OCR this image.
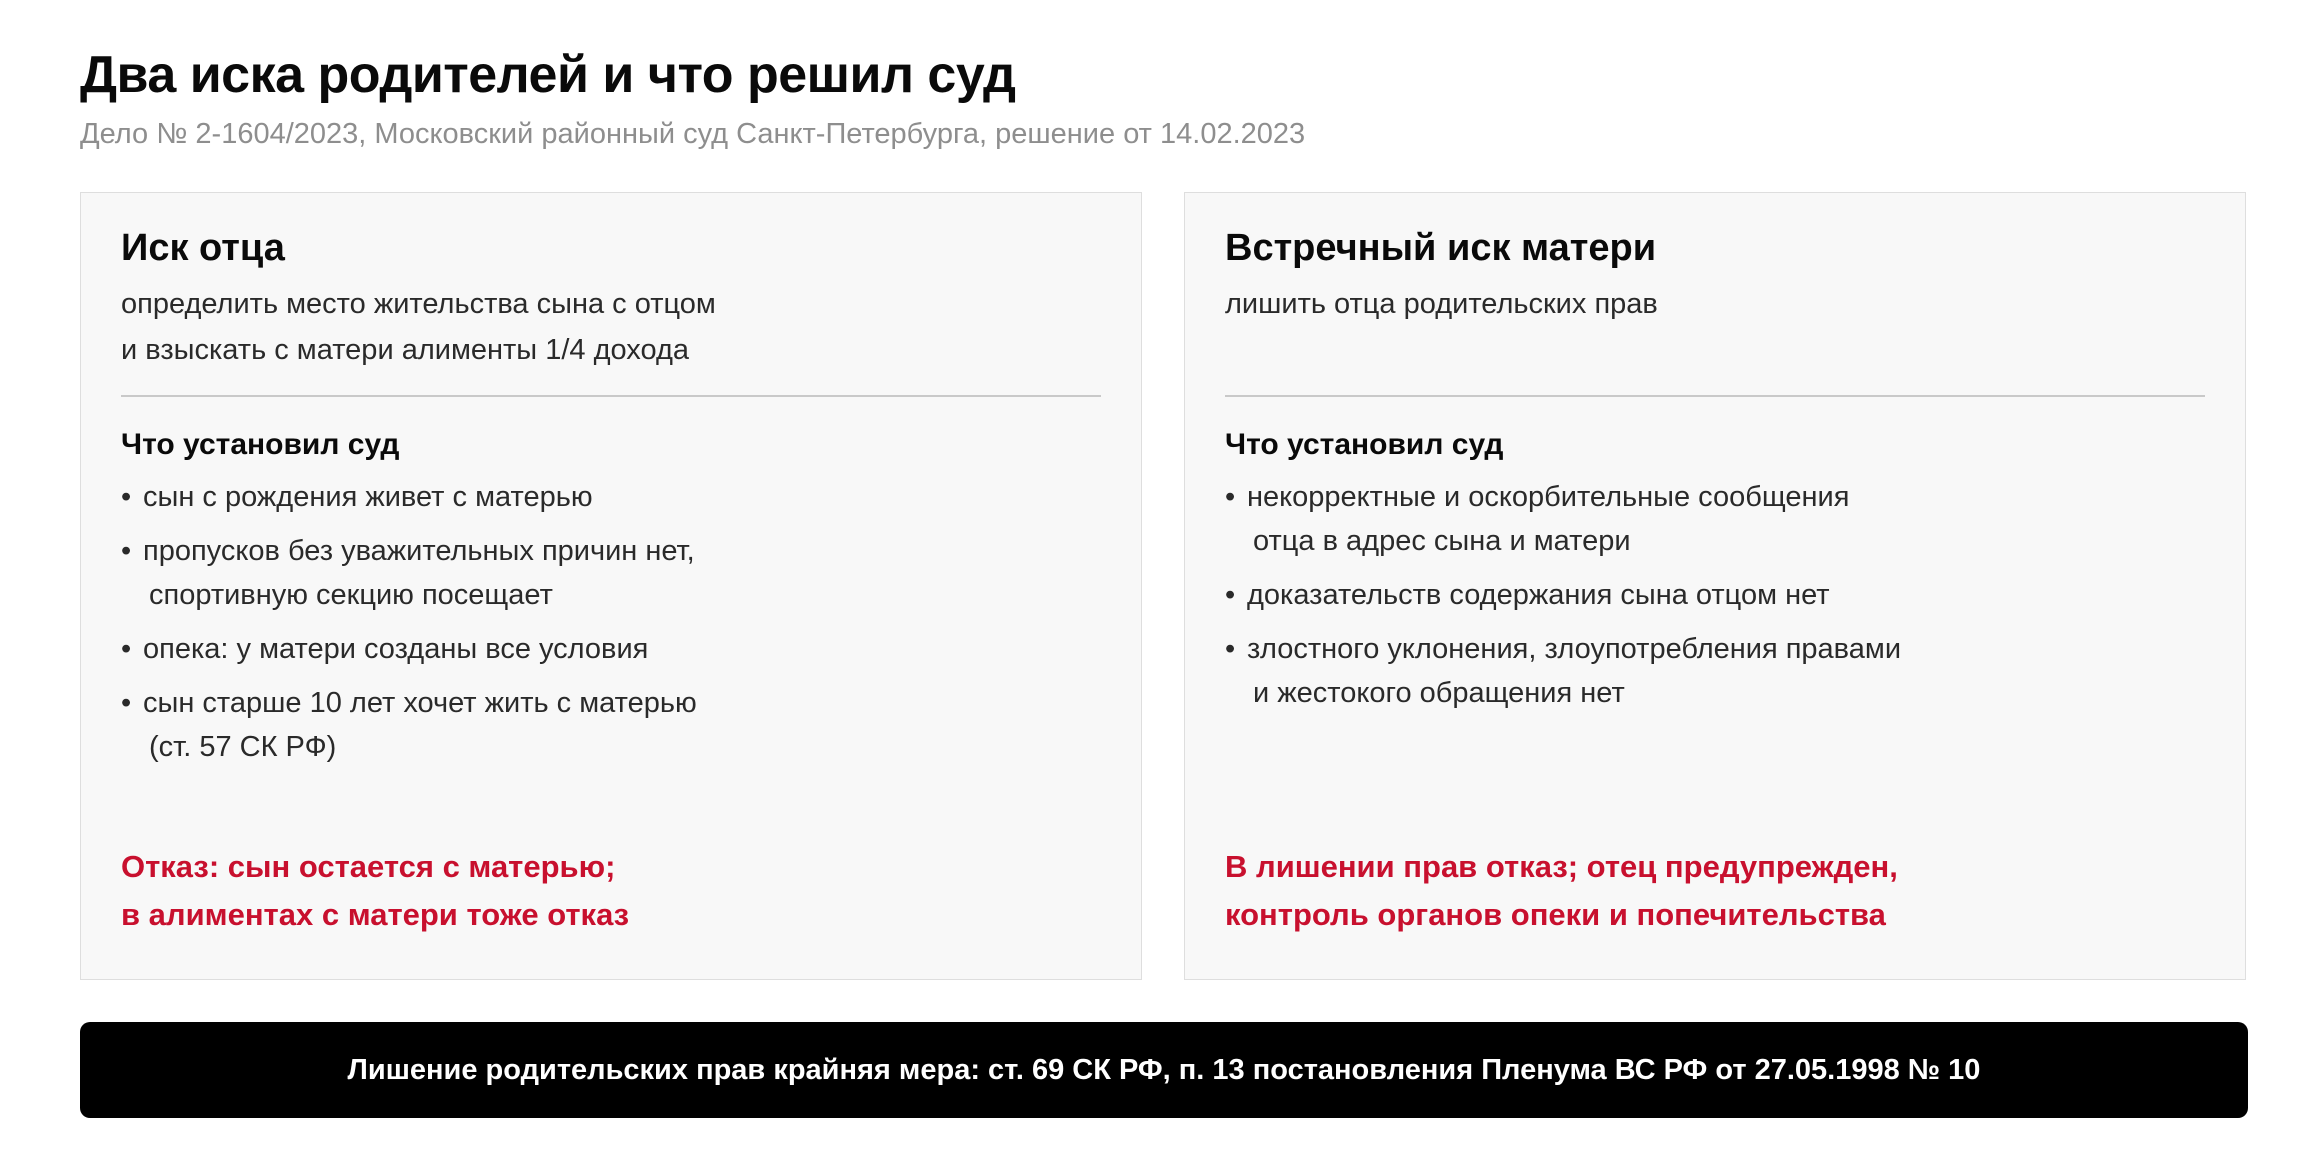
Два иска родителей и что решил суд
Дело № 2-1604/2023, Московский районный суд Санкт-Петербурга, решение от 14.02.2023
Иск отца
определить место жительства сына с отцом
и взыскать с матери алименты 1/4 дохода
Что установил суд
• сын с рождения живет с матерью
• пропусков без уважительных причин нет,
спортивную секцию посещает
• опека: у матери созданы все условия
• сын старше 10 лет хочет жить с матерью
(ст. 57 СК РФ)
Отказ: сын остается с матерью;
в алиментах с матери тоже отказ
Встречный иск матери
лишить отца родительских прав
Что установил суд
• некорректные и оскорбительные сообщения
отца в адрес сына и матери
• доказательств содержания сына отцом нет
• злостного уклонения, злоупотребления правами
и жестокого обращения нет
В лишении прав отказ; отец предупрежден,
контроль органов опеки и попечительства
Лишение родительских прав крайняя мера: ст. 69 СК РФ, п. 13 постановления Пленума ВС РФ от 27.05.1998 № 10
